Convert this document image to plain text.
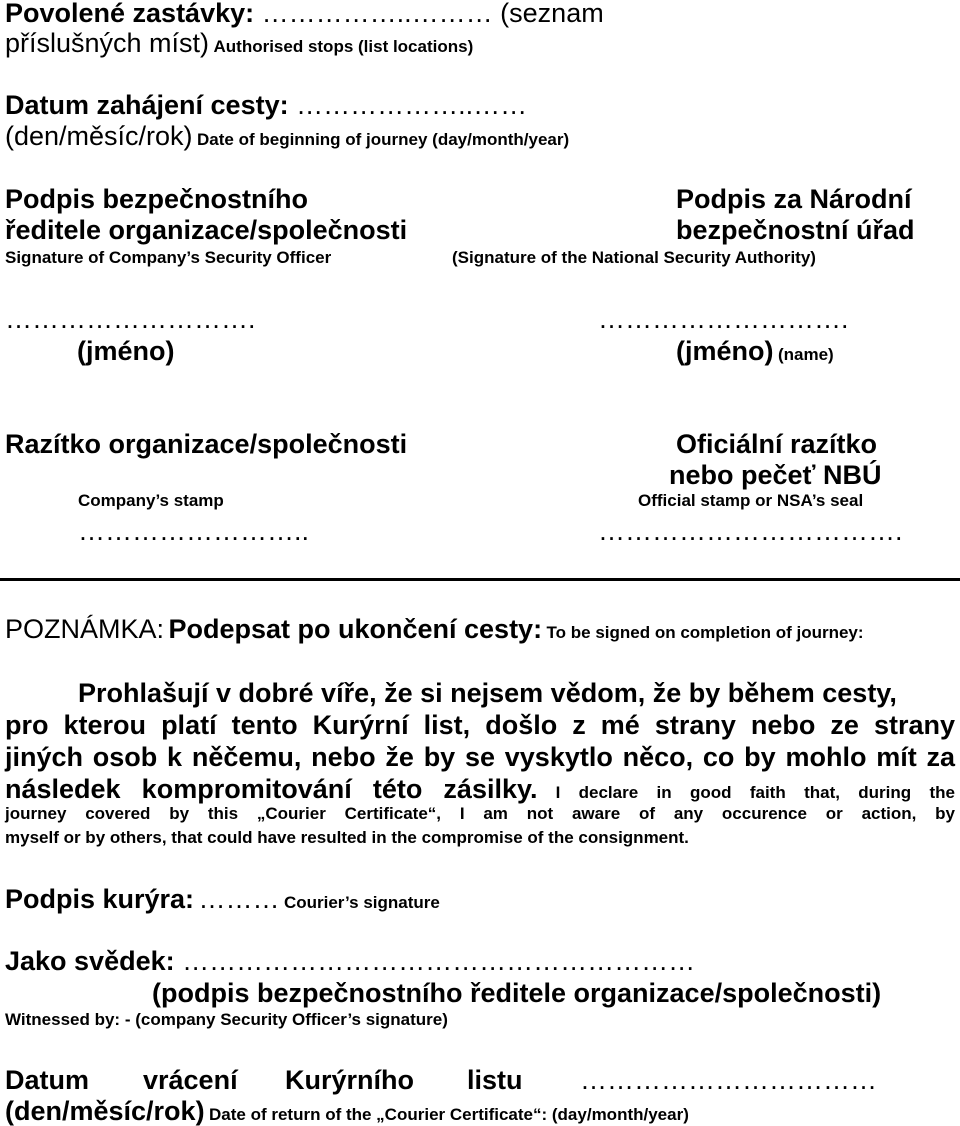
Povolené zastávky: ……………..……… (seznam
příslušných míst) Authorised stops (list locations)
Datum zahájení cesty: ………………..……
(den/měsíc/rok) Date of beginning of journey (day/month/year)
Podpis bezpečnostního
ředitele organizace/společnosti
Signature of Company’s Security Officer
Podpis za Národní
bezpečnostní úřad
(Signature of the National Security Authority)
……………………….
(jméno)
……………………….
(jméno) (name)
Razítko organizace/společnosti
Company’s stamp
……………………..
Oficiální razítko
nebo pečeť NBÚ
Official stamp or NSA’s seal
…………………………….
POZNÁMKA: Podepsat po ukončení cesty: To be signed on completion of journey:
Prohlašují v dobré víře, že si nejsem vědom, že by během cesty,
pro kterou platí tento Kurýrní list, došlo z mé strany nebo ze strany
jiných osob k něčemu, nebo že by se vyskytlo něco, co by mohlo mít za
následek kompromitování této zásilky. I declare in good faith that, during the
journey covered by this „Courier Certificate“, I am not aware of any occurence or action, by
myself or by others, that could have resulted in the compromise of the consignment.
Podpis kurýra: ……… Courier’s signature
Jako svědek: …………………………………………………
(podpis bezpečnostního ředitele organizace/společnosti)
Witnessed by: - (company Security Officer’s signature)
Datum vrácení Kurýrního listu ……………………………
(den/měsíc/rok) Date of return of the „Courier Certificate“: (day/month/year)
